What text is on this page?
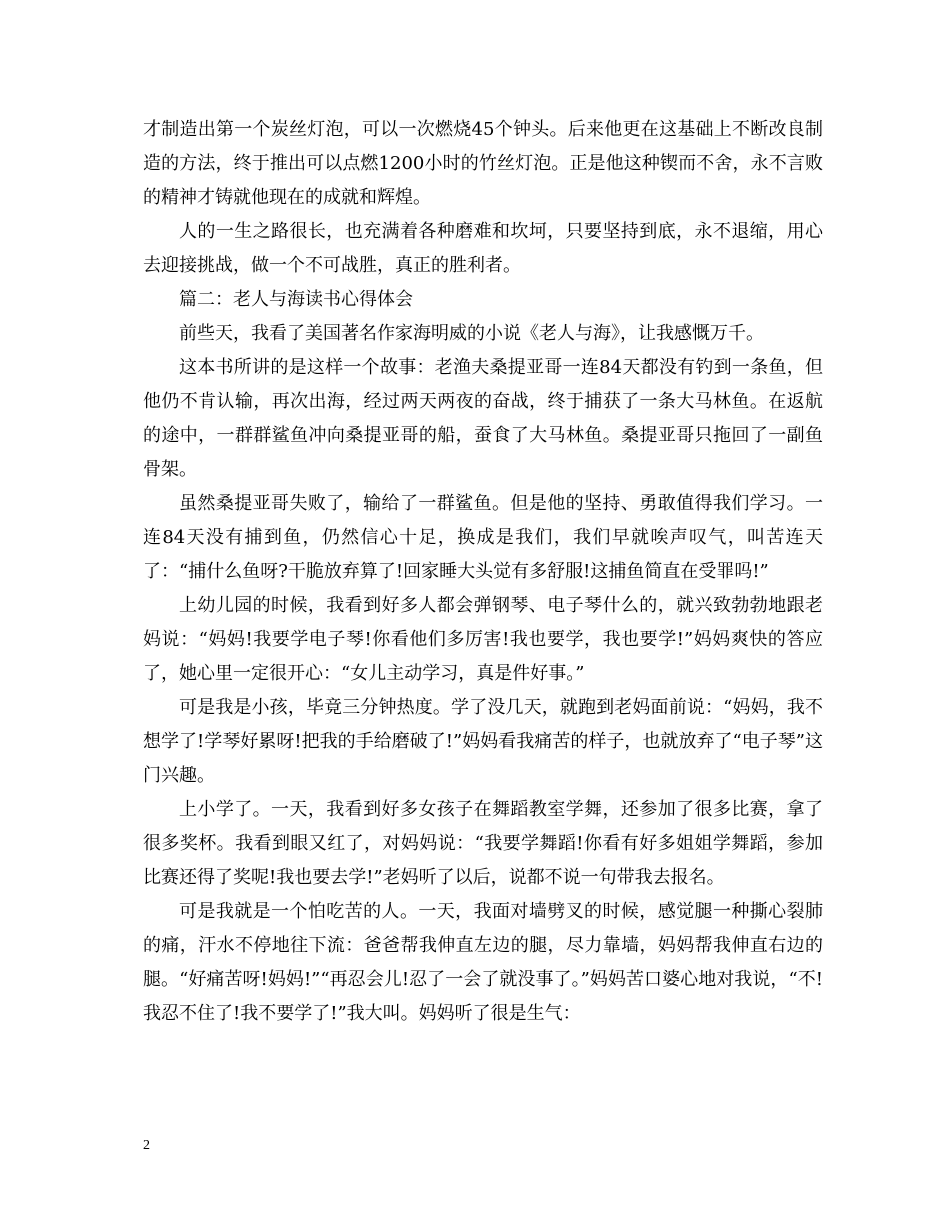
才制造出第一个炭丝灯泡，可以一次燃烧45个钟头。后来他更在这基础上不断改良制造的方法，终于推出可以点燃1200小时的竹丝灯泡。正是他这种锲而不舍，永不言败的精神才铸就他现在的成就和辉煌。

人的一生之路很长，也充满着各种磨难和坎坷，只要坚持到底，永不退缩，用心去迎接挑战，做一个不可战胜，真正的胜利者。

篇二：老人与海读书心得体会

前些天，我看了美国著名作家海明威的小说《老人与海》，让我感慨万千。

这本书所讲的是这样一个故事：老渔夫桑提亚哥一连84天都没有钓到一条鱼，但他仍不肯认输，再次出海，经过两天两夜的奋战，终于捕获了一条大马林鱼。在返航的途中，一群群鲨鱼冲向桑提亚哥的船，蚕食了大马林鱼。桑提亚哥只拖回了一副鱼骨架。

虽然桑提亚哥失败了，输给了一群鲨鱼。但是他的坚持、勇敢值得我们学习。一连84天没有捕到鱼，仍然信心十足，换成是我们，我们早就唉声叹气，叫苦连天了：“捕什么鱼呀?干脆放弃算了!回家睡大头觉有多舒服!这捕鱼简直在受罪吗!”

上幼儿园的时候，我看到好多人都会弹钢琴、电子琴什么的，就兴致勃勃地跟老妈说：“妈妈!我要学电子琴!你看他们多厉害!我也要学，我也要学!”妈妈爽快的答应了，她心里一定很开心：“女儿主动学习，真是件好事。”

可是我是小孩，毕竟三分钟热度。学了没几天，就跑到老妈面前说：“妈妈，我不想学了!学琴好累呀!把我的手给磨破了!”妈妈看我痛苦的样子，也就放弃了“电子琴”这门兴趣。

上小学了。一天，我看到好多女孩子在舞蹈教室学舞，还参加了很多比赛，拿了很多奖杯。我看到眼又红了，对妈妈说：“我要学舞蹈!你看有好多姐姐学舞蹈，参加比赛还得了奖呢!我也要去学!”老妈听了以后，说都不说一句带我去报名。

可是我就是一个怕吃苦的人。一天，我面对墙劈叉的时候，感觉腿一种撕心裂肺的痛，汗水不停地往下流：爸爸帮我伸直左边的腿，尽力靠墙，妈妈帮我伸直右边的腿。“好痛苦呀!妈妈!”“再忍会儿!忍了一会了就没事了。”妈妈苦口婆心地对我说，“不!我忍不住了!我不要学了!”我大叫。妈妈听了很是生气：

2
